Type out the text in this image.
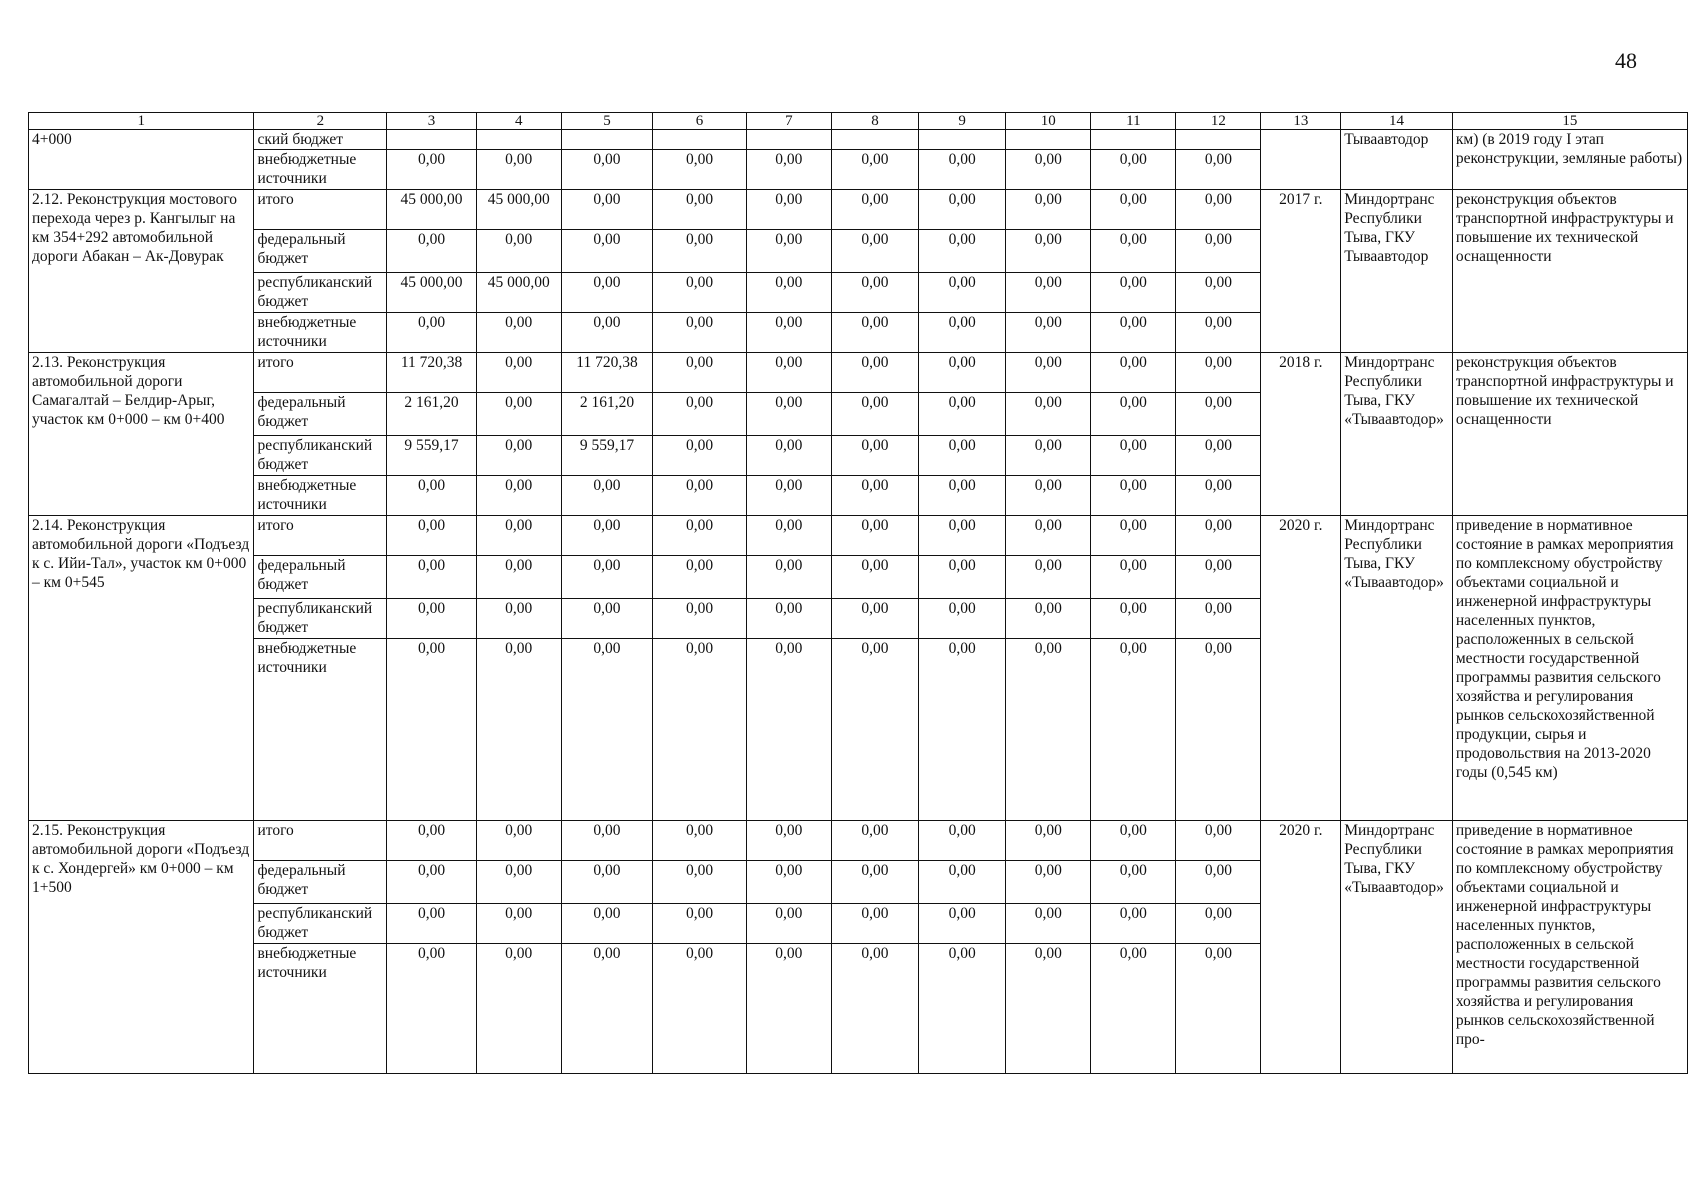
48
1	2	3	4	5	6	7	8	9	10	11	12	13	14	15
4+000	ский бюджет												Тываавтодор	км) (в 2019 году I этап реконструкции, земляные работы)
	внебюджетные источники	0,00	0,00	0,00	0,00	0,00	0,00	0,00	0,00	0,00	0,00			
2.12. Реконструкция мостового перехода через р. Кангылыг на км 354+292 автомобильной дороги Абакан – Ак-Довурак	итого	45 000,00	45 000,00	0,00	0,00	0,00	0,00	0,00	0,00	0,00	0,00	2017 г.	Миндортранс Республики Тыва, ГКУ Тываавтодор	реконструкция объектов транспортной инфраструктуры и повышение их технической оснащенности
	федеральный бюджет	0,00	0,00	0,00	0,00	0,00	0,00	0,00	0,00	0,00	0,00			
	республиканский бюджет	45 000,00	45 000,00	0,00	0,00	0,00	0,00	0,00	0,00	0,00	0,00			
	внебюджетные источники	0,00	0,00	0,00	0,00	0,00	0,00	0,00	0,00	0,00	0,00			
2.13. Реконструкция автомобильной дороги Самагалтай – Белдир-Арыг, участок км 0+000 – км 0+400	итого	11 720,38	0,00	11 720,38	0,00	0,00	0,00	0,00	0,00	0,00	0,00	2018 г.	Миндортранс Республики Тыва, ГКУ «Тываавтодор»	реконструкция объектов транспортной инфраструктуры и повышение их технической оснащенности
	федеральный бюджет	2 161,20	0,00	2 161,20	0,00	0,00	0,00	0,00	0,00	0,00	0,00			
	республиканский бюджет	9 559,17	0,00	9 559,17	0,00	0,00	0,00	0,00	0,00	0,00	0,00			
	внебюджетные источники	0,00	0,00	0,00	0,00	0,00	0,00	0,00	0,00	0,00	0,00			
2.14. Реконструкция автомобильной дороги «Подъезд к с. Ийи-Тал», участок км 0+000 – км 0+545	итого	0,00	0,00	0,00	0,00	0,00	0,00	0,00	0,00	0,00	0,00	2020 г.	Миндортранс Республики Тыва, ГКУ «Тываавтодор»	приведение в нормативное состояние в рамках мероприятия по комплексному обустройству объектами социальной и инженерной инфраструктуры населенных пунктов, расположенных в сельской местности государственной программы развития сельского хозяйства и регулирования рынков сельскохозяйственной продукции, сырья и продовольствия на 2013-2020 годы (0,545 км)
	федеральный бюджет	0,00	0,00	0,00	0,00	0,00	0,00	0,00	0,00	0,00	0,00			
	республиканский бюджет	0,00	0,00	0,00	0,00	0,00	0,00	0,00	0,00	0,00	0,00			
	внебюджетные источники	0,00	0,00	0,00	0,00	0,00	0,00	0,00	0,00	0,00	0,00			
2.15. Реконструкция автомобильной дороги «Подъезд к с. Хондергей» км 0+000 – км 1+500	итого	0,00	0,00	0,00	0,00	0,00	0,00	0,00	0,00	0,00	0,00	2020 г.	Миндортранс Республики Тыва, ГКУ «Тываавтодор»	приведение в нормативное состояние в рамках мероприятия по комплексному обустройству объектами социальной и инженерной инфраструктуры населенных пунктов, расположенных в сельской местности государственной программы развития сельского хозяйства и регулирования рынков сельскохозяйственной про-
	федеральный бюджет	0,00	0,00	0,00	0,00	0,00	0,00	0,00	0,00	0,00	0,00			
	республиканский бюджет	0,00	0,00	0,00	0,00	0,00	0,00	0,00	0,00	0,00	0,00			
	внебюджетные источники	0,00	0,00	0,00	0,00	0,00	0,00	0,00	0,00	0,00	0,00			
